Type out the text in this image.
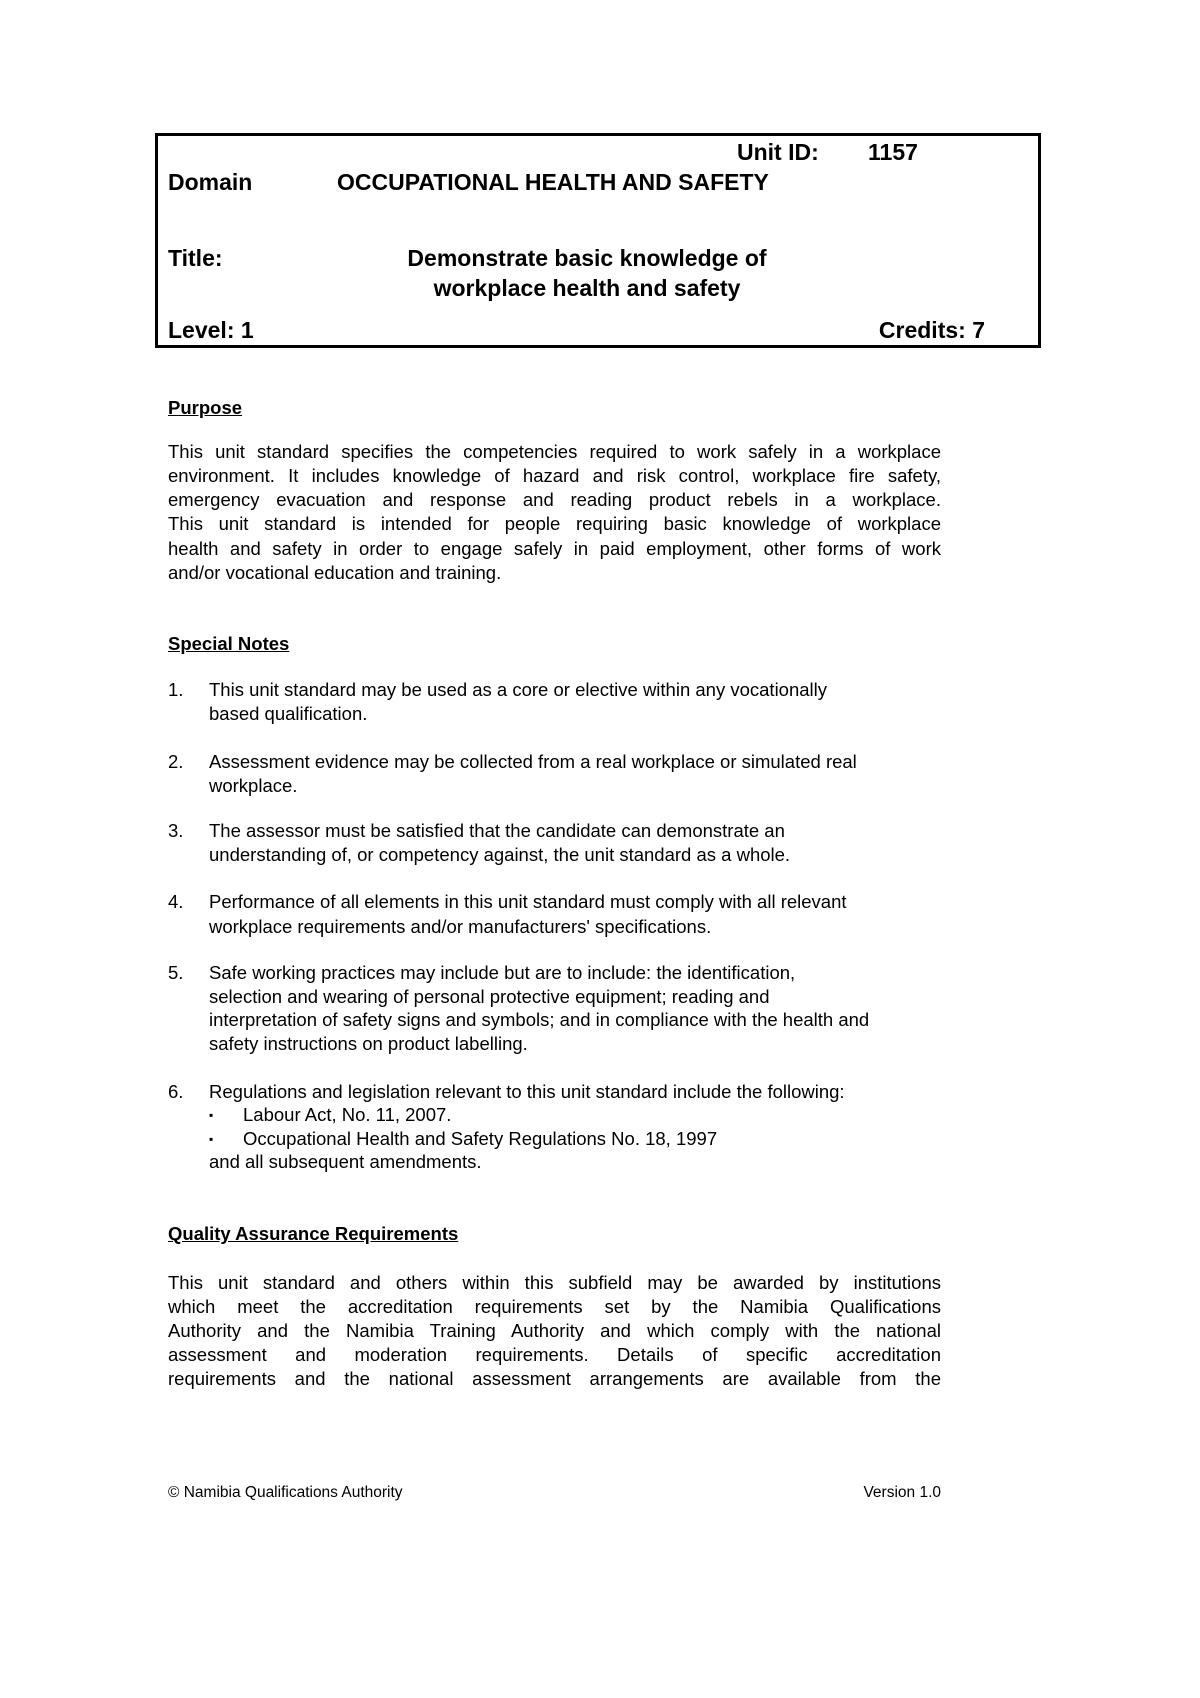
Unit ID: 1157
Domain	OCCUPATIONAL HEALTH AND SAFETY
Title:	Demonstrate basic knowledge of
workplace health and safety
Level: 1	Credits: 7
Purpose
This unit standard specifies the competencies required to work safely in a workplace
environment. It includes knowledge of hazard and risk control, workplace fire safety,
emergency evacuation and response and reading product rebels in a workplace.
This unit standard is intended for people requiring basic knowledge of workplace
health and safety in order to engage safely in paid employment, other forms of work
and/or vocational education and training.
Special Notes
1. This unit standard may be used as a core or elective within any vocationally
based qualification.
2. Assessment evidence may be collected from a real workplace or simulated real
workplace.
3. The assessor must be satisfied that the candidate can demonstrate an
understanding of, or competency against, the unit standard as a whole.
4. Performance of all elements in this unit standard must comply with all relevant
workplace requirements and/or manufacturers' specifications.
5. Safe working practices may include but are to include: the identification,
selection and wearing of personal protective equipment; reading and
interpretation of safety signs and symbols; and in compliance with the health and
safety instructions on product labelling.
6. Regulations and legislation relevant to this unit standard include the following:
▪ Labour Act, No. 11, 2007.
▪ Occupational Health and Safety Regulations No. 18, 1997
and all subsequent amendments.
Quality Assurance Requirements
This unit standard and others within this subfield may be awarded by institutions
which meet the accreditation requirements set by the Namibia Qualifications
Authority and the Namibia Training Authority and which comply with the national
assessment and moderation requirements. Details of specific accreditation
requirements and the national assessment arrangements are available from the
© Namibia Qualifications Authority	Version 1.0
